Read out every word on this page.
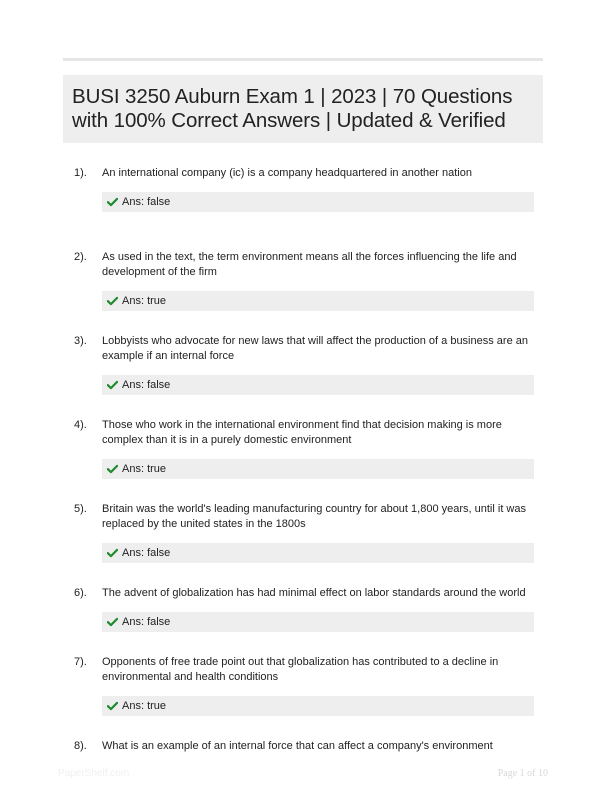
BUSI 3250 Auburn Exam 1 | 2023 | 70 Questions with 100% Correct Answers | Updated & Verified
1). An international company (ic) is a company headquartered in another nation
Ans: false
2). As used in the text, the term environment means all the forces influencing the life and development of the firm
Ans: true
3). Lobbyists who advocate for new laws that will affect the production of a business are an example if an internal force
Ans: false
4). Those who work in the international environment find that decision making is more complex than it is in a purely domestic environment
Ans: true
5). Britain was the world's leading manufacturing country for about 1,800 years, until it was replaced by the united states in the 1800s
Ans: false
6). The advent of globalization has had minimal effect on labor standards around the world
Ans: false
7). Opponents of free trade point out that globalization has contributed to a decline in environmental and health conditions
Ans: true
8). What is an example of an internal force that can affect a company's environment
PaperShelf.com	Page 1 of 10
